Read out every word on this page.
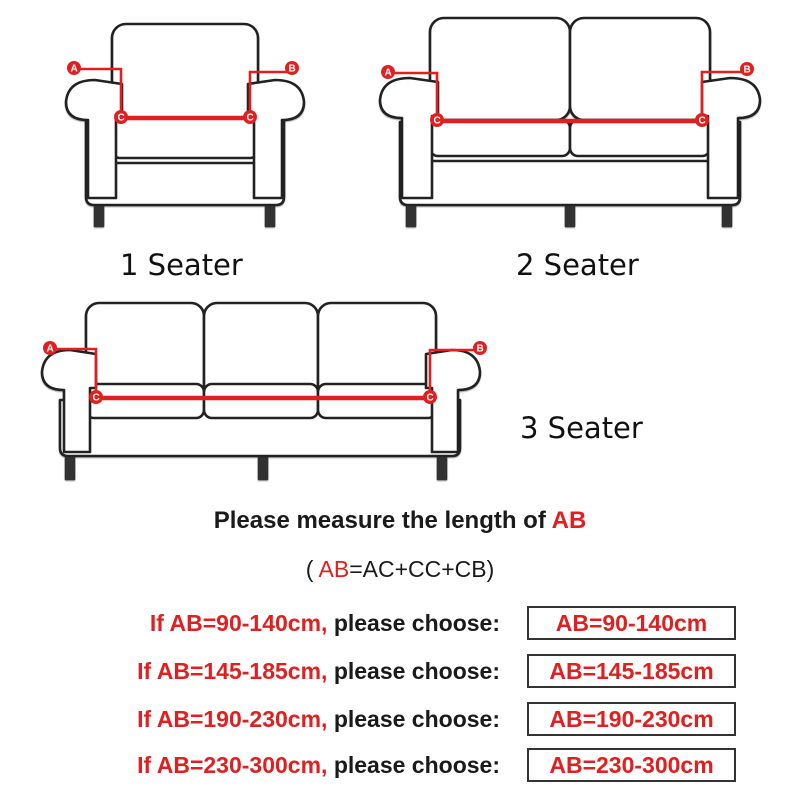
A	B
C	C
A	B
C	C
A	B
C	C

1 Seater	2 Seater

3 Seater

Please measure the length of AB

( AB=AC+CC+CB)

If AB=90-140cm, please choose:	AB=90-140cm
If AB=145-185cm, please choose:	AB=145-185cm
If AB=190-230cm, please choose:	AB=190-230cm
If AB=230-300cm, please choose:	AB=230-300cm
